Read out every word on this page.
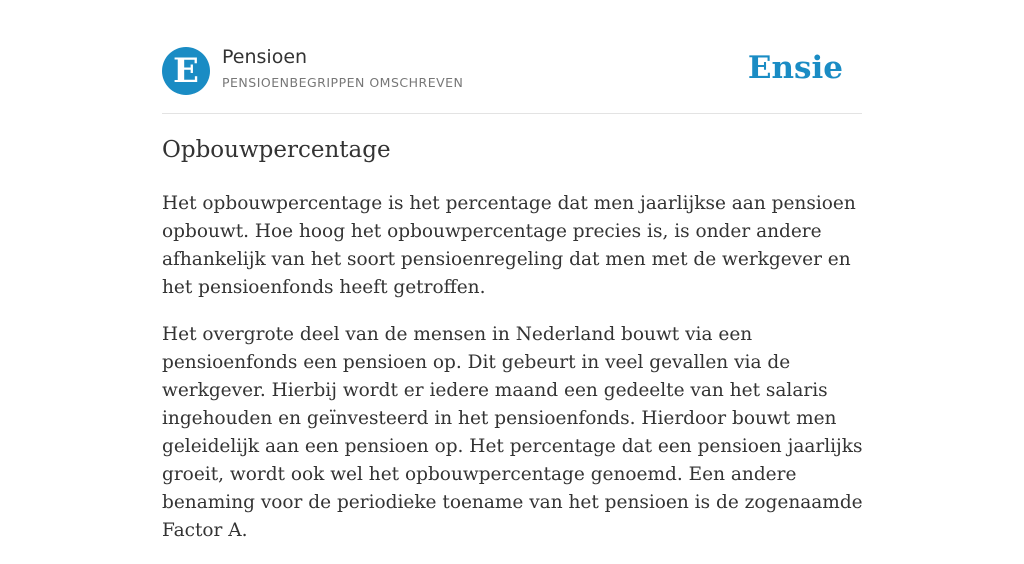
E	Pensioen
PENSIOENBEGRIPPEN OMSCHREVEN	Ensie
Opbouwpercentage

Het opbouwpercentage is het percentage dat men jaarlijkse aan pensioen opbouwt. Hoe hoog het opbouwpercentage precies is, is onder andere afhankelijk van het soort pensioenregeling dat men met de werkgever en het pensioenfonds heeft getroffen.

Het overgrote deel van de mensen in Nederland bouwt via een pensioenfonds een pensioen op. Dit gebeurt in veel gevallen via de werkgever. Hierbij wordt er iedere maand een gedeelte van het salaris ingehouden en geïnvesteerd in het pensioenfonds. Hierdoor bouwt men geleidelijk aan een pensioen op. Het percentage dat een pensioen jaarlijks groeit, wordt ook wel het opbouwpercentage genoemd. Een andere benaming voor de periodieke toename van het pensioen is de zogenaamde Factor A.
